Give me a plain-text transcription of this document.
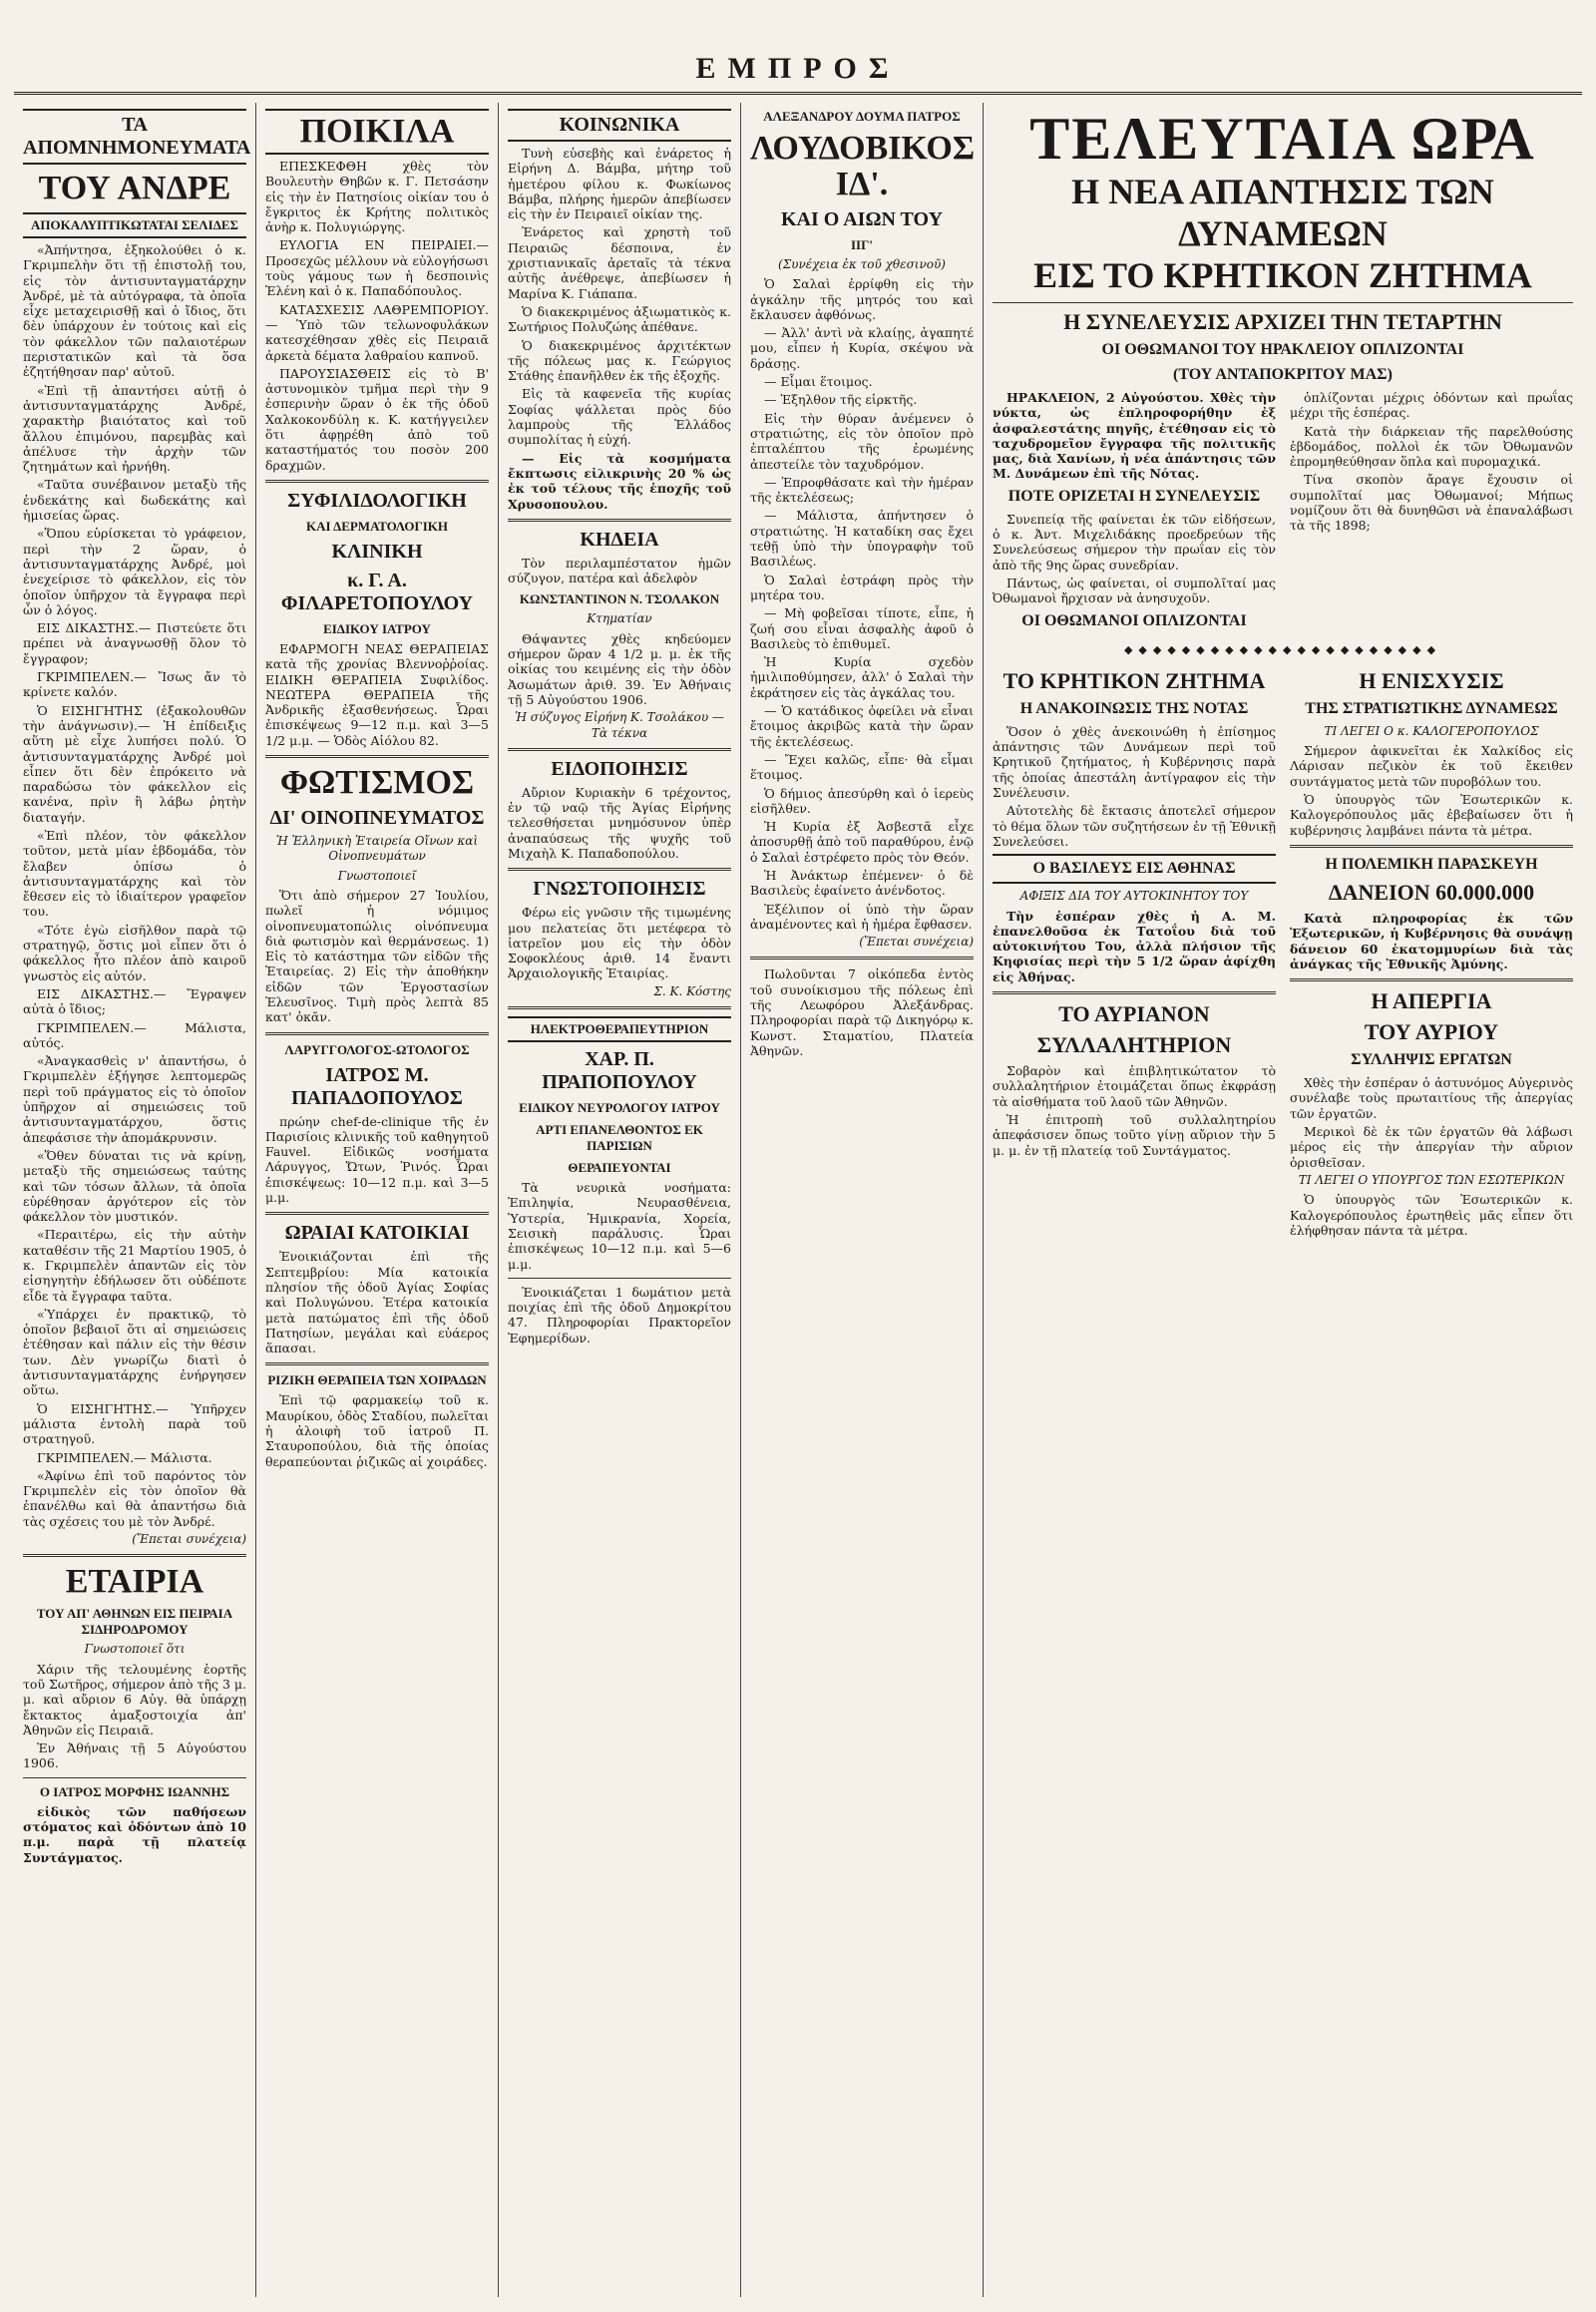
ΕΜΠΡΟΣ
ΤΑ ΑΠΟΜΝΗΜΟΝΕΥΜΑΤΑ
ΤΟΥ ΑΝΔΡΕ
ΑΠΟΚΑΛΥΠΤΙΚΩΤΑΤΑΙ ΣΕΛΙΔΕΣ

«Ἀπήντησα, ἐξηκολούθει ὁ κ. Γκριμπελὴν ὅτι τῇ ἐπιστολῇ του, εἰς τὸν ἀντισυνταγματάρχην Ἀνδρέ, μὲ τὰ αὐτόγραφα, τὰ ὁποῖα εἶχε μεταχειρισθῇ καὶ ὁ ἴδιος, ὅτι δὲν ὑπάρχουν ἐν τούτοις καὶ εἰς τὸν φάκελλον τῶν παλαιοτέρων περιστατικῶν καὶ τὰ ὅσα ἐζητήθησαν παρ' αὐτοῦ.

«Ἐπὶ τῇ ἀπαντήσει αὐτῇ ὁ ἀντισυνταγματάρχης Ἀνδρέ, χαρακτὴρ βιαιότατος καὶ τοῦ ἄλλου ἐπιμόνου, παρεμβὰς καὶ ἀπέλυσε τὴν ἀρχὴν τῶν ζητημάτων καὶ ἠρνήθη.

«Ταῦτα συνέβαινον μεταξὺ τῆς ἐνδεκάτης καὶ δωδεκάτης καὶ ἡμισείας ὥρας.

«Ὅπου εὑρίσκεται τὸ γράφειον, περὶ τὴν 2 ὥραν, ὁ ἀντισυνταγματάρχης Ἀνδρέ, μοὶ ἐνεχείρισε τὸ φάκελλον, εἰς τὸν ὁποῖον ὑπῆρχον τὰ ἔγγραφα περὶ ὧν ὁ λόγος.

ΕΙΣ ΔΙΚΑΣΤΗΣ.— Πιστεύετε ὅτι πρέπει νὰ ἀναγνωσθῇ ὅλον τὸ ἔγγραφον;

ΓΚΡΙΜΠΕΛΕΝ.— Ἴσως ἄν τὸ κρίνετε καλόν.

Ὁ ΕΙΣΗΓΗΤΗΣ (ἐξακολουθῶν τὴν ἀνάγνωσιν).— Ἡ ἐπίδειξις αὕτη μὲ εἶχε λυπήσει πολύ. Ὁ ἀντισυνταγματάρχης Ἀνδρέ μοὶ εἶπεν ὅτι δὲν ἐπρόκειτο νὰ παραδώσω τὸν φάκελλον εἰς κανένα, πρὶν ἢ λάβω ῥητὴν διαταγήν.

«Ἐπὶ πλέον, τὸν φάκελλον τοῦτον, μετὰ μίαν ἑβδομάδα, τὸν ἔλαβεν ὀπίσω ὁ ἀντισυνταγματάρχης καὶ τὸν ἔθεσεν εἰς τὸ ἰδιαίτερον γραφεῖον του.

«Τότε ἐγὼ εἰσῆλθον παρὰ τῷ στρατηγῷ, ὅστις μοὶ εἶπεν ὅτι ὁ φάκελλος ἦτο πλέον ἀπὸ καιροῦ γνωστὸς εἰς αὐτόν.

ΕΙΣ ΔΙΚΑΣΤΗΣ.— Ἔγραψεν αὐτὰ ὁ ἴδιος;

ΓΚΡΙΜΠΕΛΕΝ.— Μάλιστα, αὐτός.

«Ἀναγκασθεὶς ν' ἀπαντήσω, ὁ Γκριμπελὲν ἐξήγησε λεπτομερῶς περὶ τοῦ πράγματος εἰς τὸ ὁποῖον ὑπῆρχον αἱ σημειώσεις τοῦ ἀντισυνταγματάρχου, ὅστις ἀπεφάσισε τὴν ἀπομάκρυνσιν.

«Ὅθεν δύναται τις νὰ κρίνῃ, μεταξὺ τῆς σημειώσεως ταύτης καὶ τῶν τόσων ἄλλων, τὰ ὁποῖα εὑρέθησαν ἀργότερον εἰς τὸν φάκελλον τὸν μυστικόν.

«Περαιτέρω, εἰς τὴν αὐτὴν καταθέσιν τῆς 21 Μαρτίου 1905, ὁ κ. Γκριμπελὲν ἀπαντῶν εἰς τὸν εἰσηγητὴν ἐδήλωσεν ὅτι οὐδέποτε εἶδε τὰ ἔγγραφα ταῦτα.

«Ὑπάρχει ἐν πρακτικῷ, τὸ ὁποῖον βεβαιοῖ ὅτι αἱ σημειώσεις ἐτέθησαν καὶ πάλιν εἰς τὴν θέσιν των. Δὲν γνωρίζω διατὶ ὁ ἀντισυνταγματάρχης ἐνήργησεν οὕτω.

Ὁ ΕΙΣΗΓΗΤΗΣ.— Ὑπῆρχεν μάλιστα ἐντολὴ παρὰ τοῦ στρατηγοῦ.

ΓΚΡΙΜΠΕΛΕΝ.— Μάλιστα.

«Ἀφίνω ἐπὶ τοῦ παρόντος τὸν Γκριμπελὲν εἰς τὸν ὁποῖον θὰ ἐπανέλθω καὶ θὰ ἀπαντήσω διὰ τὰς σχέσεις του μὲ τὸν Ἀνδρέ.

(Ἔπεται συνέχεια)
ΕΤΑΙΡΙΑ
ΤΟΥ ΑΠ' ΑΘΗΝΩΝ ΕΙΣ ΠΕΙΡΑΙΑ ΣΙΔΗΡΟΔΡΟΜΟΥ
Γνωστοποιεῖ ὅτι

Χάριν τῆς τελουμένης ἑορτῆς τοῦ Σωτῆρος, σήμερον ἀπὸ τῆς 3 μ. μ. καὶ αὔριον 6 Αὐγ. θὰ ὑπάρχῃ ἔκτακτος ἀμαξοστοιχία ἀπ' Ἀθηνῶν εἰς Πειραιᾶ.

Ἐν Ἀθήναις τῇ 5 Αὐγούστου 1906.

Ο ΙΑΤΡΟΣ ΜΟΡΦΗΣ ΙΩΑΝΝΗΣ

εἰδικὸς τῶν παθήσεων στόματος καὶ ὀδόντων ἀπὸ 10 π.μ. παρὰ τῇ πλατείᾳ Συντάγματος.

ΠΟΙΚΙΛΑ

ΕΠΕΣΚΕΦΘΗ χθὲς τὸν Βουλευτὴν Θηβῶν κ. Γ. Πετσάσην εἰς τὴν ἐν Πατησίοις οἰκίαν του ὁ ἔγκριτος ἐκ Κρήτης πολιτικὸς ἀνὴρ κ. Πολυγιώργης.

ΕΥΛΟΓΙΑ ΕΝ ΠΕΙΡΑΙΕΙ.— Προσεχῶς μέλλουν νὰ εὐλογήσωσι τοὺς γάμους των ἡ δεσποινὶς Ἑλένη καὶ ὁ κ. Παπαδόπουλος.

ΚΑΤΑΣΧΕΣΙΣ ΛΑΘΡΕΜΠΟΡΙΟΥ.— Ὑπὸ τῶν τελωνοφυλάκων κατεσχέθησαν χθὲς εἰς Πειραιᾶ ἀρκετὰ δέματα λαθραίου καπνοῦ.

ΠΑΡΟΥΣΙΑΣΘΕΙΣ εἰς τὸ Β' ἀστυνομικὸν τμῆμα περὶ τὴν 9 ἑσπερινὴν ὥραν ὁ ἐκ τῆς ὁδοῦ Χαλκοκονδύλη κ. Κ. κατήγγειλεν ὅτι ἀφῃρέθη ἀπὸ τοῦ καταστήματός του ποσὸν 200 δραχμῶν.

ΣΥΦΙΛΙΔΟΛΟΓΙΚΗ
ΚΑΙ ΔΕΡΜΑΤΟΛΟΓΙΚΗ
ΚΛΙΝΙΚΗ
κ. Γ. Α. ΦΙΛΑΡΕΤΟΠΟΥΛΟΥ
ΕΙΔΙΚΟΥ ΙΑΤΡΟΥ

ΕΦΑΡΜΟΓΗ ΝΕΑΣ ΘΕΡΑΠΕΙΑΣ κατὰ τῆς χρονίας Βλεννοῤῥοίας. ΕΙΔΙΚΗ ΘΕΡΑΠΕΙΑ Συφιλίδος. ΝΕΩΤΕΡΑ ΘΕΡΑΠΕΙΑ τῆς Ἀνδρικῆς ἐξασθενήσεως. Ὧραι ἐπισκέψεως 9—12 π.μ. καὶ 3—5 1/2 μ.μ. — Ὁδὸς Αἰόλου 82.

ΦΩΤΙΣΜΟΣ
ΔΙ' ΟΙΝΟΠΝΕΥΜΑΤΟΣ
Ἡ Ἑλληνικὴ Ἑταιρεία Οἴνων καὶ Οἰνοπνευμάτων
Γνωστοποιεῖ

Ὅτι ἀπὸ σήμερον 27 Ἰουλίου, πωλεῖ ἡ νόμιμος οἰνοπνευματοπώλις οἰνόπνευμα διὰ φωτισμὸν καὶ θερμάνσεως. 1) Εἰς τὸ κατάστημα τῶν εἰδῶν τῆς Ἑταιρείας. 2) Εἰς τὴν ἀποθήκην εἰδῶν τῶν Ἐργοστασίων Ἐλευσῖνος. Τιμὴ πρὸς λεπτὰ 85 κατ' ὀκᾶν.

ΛΑΡΥΓΓΟΛΟΓΟΣ-ΩΤΟΛΟΓΟΣ
ΙΑΤΡΟΣ Μ. ΠΑΠΑΔΟΠΟΥΛΟΣ

πρώην chef-de-clinique τῆς ἐν Παρισίοις κλινικῆς τοῦ καθηγητοῦ Fauvel. Εἰδικῶς νοσήματα Λάρυγγος, Ὤτων, Ῥινός. Ὧραι ἐπισκέψεως: 10—12 π.μ. καὶ 3—5 μ.μ.

ΩΡΑΙΑΙ ΚΑΤΟΙΚΙΑΙ

Ἐνοικιάζονται ἐπὶ τῆς Σεπτεμβρίου: Μία κατοικία πλησίον τῆς ὁδοῦ Ἀγίας Σοφίας καὶ Πολυγώνου. Ἑτέρα κατοικία μετὰ πατώματος ἐπὶ τῆς ὁδοῦ Πατησίων, μεγάλαι καὶ εὐάερος ἅπασαι.

ΡΙΖΙΚΗ ΘΕΡΑΠΕΙΑ ΤΩΝ ΧΟΙΡΑΔΩΝ

Ἐπὶ τῷ φαρμακείῳ τοῦ κ. Μαυρίκου, ὁδὸς Σταδίου, πωλεῖται ἡ ἀλοιφὴ τοῦ ἰατροῦ Π. Σταυροπούλου, διὰ τῆς ὁποίας θεραπεύονται ῥιζικῶς αἱ χοιράδες.

ΚΟΙΝΩΝΙΚΑ

Τυνὴ εὐσεβὴς καὶ ἐνάρετος ἡ Εἰρήνη Δ. Βάμβα, μήτηρ τοῦ ἡμετέρου φίλου κ. Φωκίωνος Βάμβα, πλήρης ἡμερῶν ἀπεβίωσεν εἰς τὴν ἐν Πειραιεῖ οἰκίαν της.

Ἐνάρετος καὶ χρηστὴ τοῦ Πειραιῶς δέσποινα, ἐν χριστιανικαῖς ἀρεταῖς τὰ τέκνα αὐτῆς ἀνέθρεψε, ἀπεβίωσεν ἡ Μαρίνα Κ. Γιάπαπα.

Ὁ διακεκριμένος ἀξιωματικὸς κ. Σωτήριος Πολυζώης ἀπέθανε.

Ὁ διακεκριμένος ἀρχιτέκτων τῆς πόλεως μας κ. Γεώργιος Στάθης ἐπανῆλθεν ἐκ τῆς ἐξοχῆς.

Εἰς τὰ καφενεῖα τῆς κυρίας Σοφίας ψάλλεται πρὸς δύο λαμπροὺς τῆς Ἑλλάδος συμπολίτας ἡ εὐχή.

— Εἰς τὰ κοσμήματα ἔκπτωσις εἰλικρινὴς 20 % ὡς ἐκ τοῦ τέλους τῆς ἐποχῆς τοῦ Χρυσοπουλου.

ΚΗΔΕΙΑ

Τὸν περιλαμπέστατον ἡμῶν σύζυγον, πατέρα καὶ ἀδελφὸν

ΚΩΝΣΤΑΝΤΙΝΟΝ Ν. ΤΣΟΛΑΚΟΝ
Κτηματίαν

Θάψαντες χθὲς κηδεύομεν σήμερον ὥραν 4 1/2 μ. μ. ἐκ τῆς οἰκίας του κειμένης εἰς τὴν ὁδὸν Ἀσωμάτων ἀριθ. 39. Ἐν Ἀθήναις τῇ 5 Αὐγούστου 1906.

Ἡ σύζυγος Εἰρήνη Κ. Τσολάκου — Τὰ τέκνα
ΕΙΔΟΠΟΙΗΣΙΣ

Αὔριον Κυριακὴν 6 τρέχοντος, ἐν τῷ ναῷ τῆς Ἁγίας Εἰρήνης τελεσθήσεται μνημόσυνον ὑπὲρ ἀναπαύσεως τῆς ψυχῆς τοῦ Μιχαὴλ Κ. Παπαδοπούλου.

ΓΝΩΣΤΟΠΟΙΗΣΙΣ

Φέρω εἰς γνῶσιν τῆς τιμωμένης μου πελατείας ὅτι μετέφερα τὸ ἰατρεῖον μου εἰς τὴν ὁδὸν Σοφοκλέους ἀριθ. 14 ἔναντι Ἀρχαιολογικῆς Ἑταιρίας.

Σ. Κ. Κόστης
ΗΛΕΚΤΡΟΘΕΡΑΠΕΥΤΗΡΙΟΝ
ΧΑΡ. Π. ΠΡΑΠΟΠΟΥΛΟΥ
ΕΙΔΙΚΟΥ ΝΕΥΡΟΛΟΓΟΥ ΙΑΤΡΟΥ
ΑΡΤΙ ΕΠΑΝΕΛΘΟΝΤΟΣ ΕΚ ΠΑΡΙΣΙΩΝ
ΘΕΡΑΠΕΥΟΝΤΑΙ

Τὰ νευρικὰ νοσήματα: Ἐπιληψία, Νευρασθένεια, Ὑστερία, Ἡμικρανία, Χορεία, Σεισικὴ παράλυσις. Ὧραι ἐπισκέψεως 10—12 π.μ. καὶ 5—6 μ.μ.

Ἐνοικιάζεται 1 δωμάτιον μετὰ ποιχίας ἐπὶ τῆς ὁδοῦ Δημοκρίτου 47. Πληροφορίαι Πρακτορεῖον Ἐφημερίδων.

ΑΛΕΞΑΝΔΡΟΥ ΔΟΥΜΑ ΠΑΤΡΟΣ
ΛΟΥΔΟΒΙΚΟΣ ΙΔ'.
ΚΑΙ Ο ΑΙΩΝ ΤΟΥ
ΙΙΓ'
(Συνέχεια ἐκ τοῦ χθεσινοῦ)

Ὁ Σαλαὶ ἐρρίφθη εἰς τὴν ἀγκάλην τῆς μητρός του καὶ ἔκλαυσεν ἀφθόνως.

— Ἀλλ' ἀντὶ νὰ κλαίῃς, ἀγαπητέ μου, εἶπεν ἡ Κυρία, σκέψου νὰ δράσῃς.

— Εἶμαι ἕτοιμος.

— Ἐξηλθον τῆς εἱρκτῆς.

Εἰς τὴν θύραν ἀνέμενεν ὁ στρατιώτης, εἰς τὸν ὁποῖον πρὸ ἐπταλέπτου τῆς ἐρωμένης ἀπεστείλε τὸν ταχυδρόμον.

— Ἐπροφθάσατε καὶ τὴν ἡμέραν τῆς ἐκτελέσεως;

— Μάλιστα, ἀπήντησεν ὁ στρατιώτης. Ἡ καταδίκη σας ἔχει τεθῇ ὑπὸ τὴν ὑπογραφὴν τοῦ Βασιλέως.

Ὁ Σαλαὶ ἐστράφη πρὸς τὴν μητέρα του.

— Μὴ φοβεῖσαι τίποτε, εἶπε, ἡ ζωή σου εἶναι ἀσφαλὴς ἀφοῦ ὁ Βασιλεὺς τὸ ἐπιθυμεῖ.

Ἡ Κυρία σχεδὸν ἠμιλιποθύμησεν, ἀλλ' ὁ Σαλαὶ τὴν ἐκράτησεν εἰς τὰς ἀγκάλας του.

— Ὁ κατάδικος ὀφείλει νὰ εἶναι ἔτοιμος ἀκριβῶς κατὰ τὴν ὥραν τῆς ἐκτελέσεως.

— Ἔχει καλῶς, εἶπε· θὰ εἶμαι ἕτοιμος.

Ὁ δήμιος ἀπεσύρθη καὶ ὁ ἱερεὺς εἰσῆλθεν.

Ἡ Κυρία ἐξ Ἀσβεστᾶ εἶχε ἀποσυρθῇ ἀπὸ τοῦ παραθύρου, ἐνῷ ὁ Σαλαὶ ἐστρέφετο πρὸς τὸν Θεόν.

Ἡ Ἀνάκτωρ ἐπέμενεν· ὁ δὲ Βασιλεὺς ἐφαίνετο ἀνένδοτος.

Ἐξέλιπον οἱ ὑπὸ τὴν ὥραν ἀναμένοντες καὶ ἡ ἡμέρα ἔφθασεν.

(Ἔπεται συνέχεια)

Πωλοῦνται 7 οἰκόπεδα ἐντὸς τοῦ συνοίκισμου τῆς πόλεως ἐπὶ τῆς Λεωφόρου Ἀλεξάνδρας. Πληροφορίαι παρὰ τῷ Δικηγόρῳ κ. Κωνστ. Σταματίου, Πλατεία Ἀθηνῶν.

ΤΕΛΕΥΤΑΙΑ ΩΡΑ
Η ΝΕΑ ΑΠΑΝΤΗΣΙΣ ΤΩΝ ΔΥΝΑΜΕΩΝ
ΕΙΣ ΤΟ ΚΡΗΤΙΚΟΝ ΖΗΤΗΜΑ
Η ΣΥΝΕΛΕΥΣΙΣ ΑΡΧΙΖΕΙ ΤΗΝ ΤΕΤΑΡΤΗΝ
ΟΙ ΟΘΩΜΑΝΟΙ ΤΟΥ ΗΡΑΚΛΕΙΟΥ ΟΠΛΙΖΟΝΤΑΙ
(ΤΟΥ ΑΝΤΑΠΟΚΡΙΤΟΥ ΜΑΣ)

ΗΡΑΚΛΕΙΟΝ, 2 Αὐγούστου. Χθὲς τὴν νύκτα, ὡς ἐπληροφορήθην ἐξ ἀσφαλεστάτης πηγῆς, ἐτέθησαν εἰς τὸ ταχυδρομεῖον ἔγγραφα τῆς πολιτικῆς μας, διὰ Χανίων, ἡ νέα ἀπάντησις τῶν Μ. Δυνάμεων ἐπὶ τῆς Νότας.

ΠΟΤΕ ΟΡΙΖΕΤΑΙ Η ΣΥΝΕΛΕΥΣΙΣ

Συνεπείᾳ τῆς φαίνεται ἐκ τῶν εἰδήσεων, ὁ κ. Ἀντ. Μιχελιδάκης προεδρεύων τῆς Συνελεύσεως σήμερον τὴν πρωΐαν εἰς τὸν ἀπὸ τῆς 9ης ὥρας συνεδρίαν.

Πάντως, ὡς φαίνεται, οἱ συμπολῖταί μας Ὀθωμανοὶ ἤρχισαν νὰ ἀνησυχοῦν.

ΟΙ ΟΘΩΜΑΝΟΙ ΟΠΛΙΖΟΝΤΑΙ

ὁπλίζονται μέχρις ὀδόντων καὶ πρωΐας μέχρι τῆς ἑσπέρας.

Κατὰ τὴν διάρκειαν τῆς παρελθούσης ἑβδομάδος, πολλοὶ ἐκ τῶν Ὀθωμανῶν ἐπρομηθεύθησαν ὅπλα καὶ πυρομαχικά.

Τίνα σκοπὸν ἄραγε ἔχουσιν οἱ συμπολῖταί μας Ὀθωμανοί; Μήπως νομίζουν ὅτι θὰ δυνηθῶσι νὰ ἐπαναλάβωσι τὰ τῆς 1898;

◆◆◆◆◆◆◆◆◆◆◆◆◆◆◆◆◆◆◆◆◆◆
ΤΟ ΚΡΗΤΙΚΟΝ ΖΗΤΗΜΑ
Η ΑΝΑΚΟΙΝΩΣΙΣ ΤΗΣ ΝΟΤΑΣ

Ὅσον ὁ χθὲς ἀνεκοινώθη ἡ ἐπίσημος ἀπάντησις τῶν Δυνάμεων περὶ τοῦ Κρητικοῦ ζητήματος, ἡ Κυβέρνησις παρὰ τῆς ὁποίας ἀπεστάλη ἀντίγραφον εἰς τὴν Συνέλευσιν.

Αὐτοτελὴς δὲ ἔκτασις ἀποτελεῖ σήμερον τὸ θέμα ὅλων τῶν συζητήσεων ἐν τῇ Ἐθνικῇ Συνελεύσει.

Ο ΒΑΣΙΛΕΥΣ ΕΙΣ ΑΘΗΝΑΣ
ΑΦΙΞΙΣ ΔΙΑ ΤΟΥ ΑΥΤΟΚΙΝΗΤΟΥ ΤΟΥ

Τὴν ἑσπέραν χθὲς ἡ Α. Μ. ἐπανελθοῦσα ἐκ Τατοΐου διὰ τοῦ αὐτοκινήτου Του, ἀλλὰ πλήσιον τῆς Κηφισίας περὶ τὴν 5 1/2 ὥραν ἀφίχθη εἰς Ἀθήνας.

ΤΟ ΑΥΡΙΑΝΟΝ
ΣΥΛΛΑΛΗΤΗΡΙΟΝ

Σοβαρὸν καὶ ἐπιβλητικώτατον τὸ συλλαλητήριον ἑτοιμάζεται ὅπως ἐκφράσῃ τὰ αἰσθήματα τοῦ λαοῦ τῶν Ἀθηνῶν.

Ἡ ἐπιτροπὴ τοῦ συλλαλητηρίου ἀπεφάσισεν ὅπως τοῦτο γίνῃ αὔριον τὴν 5 μ. μ. ἐν τῇ πλατείᾳ τοῦ Συντάγματος.

Η ΕΝΙΣΧΥΣΙΣ
ΤΗΣ ΣΤΡΑΤΙΩΤΙΚΗΣ ΔΥΝΑΜΕΩΣ
ΤΙ ΛΕΓΕΙ Ο κ. ΚΑΛΟΓΕΡΟΠΟΥΛΟΣ

Σήμερον ἀφικνεῖται ἐκ Χαλκίδος εἰς Λάρισαν πεζικὸν ἐκ τοῦ ἔκειθεν συντάγματος μετὰ τῶν πυροβόλων του.

Ὁ ὑπουργὸς τῶν Ἐσωτερικῶν κ. Καλογερόπουλος μᾶς ἐβεβαίωσεν ὅτι ἡ κυβέρνησις λαμβάνει πάντα τὰ μέτρα.

Η ΠΟΛΕΜΙΚΗ ΠΑΡΑΣΚΕΥΗ
ΔΑΝΕΙΟΝ 60.000.000

Κατὰ πληροφορίας ἐκ τῶν Ἐξωτερικῶν, ἡ Κυβέρνησις θὰ συνάψῃ δάνειον 60 ἑκατομμυρίων διὰ τὰς ἀνάγκας τῆς Ἐθνικῆς Ἀμύνης.

Η ΑΠΕΡΓΙΑ
ΤΟΥ ΑΥΡΙΟΥ
ΣΥΛΛΗΨΙΣ ΕΡΓΑΤΩΝ

Χθὲς τὴν ἑσπέραν ὁ ἀστυνόμος Αὐγερινὸς συνέλαβε τοὺς πρωταιτίους τῆς ἀπεργίας τῶν ἐργατῶν.

Μερικοὶ δὲ ἐκ τῶν ἐργατῶν θὰ λάβωσι μέρος εἰς τὴν ἀπεργίαν τὴν αὔριον ὁρισθεῖσαν.

ΤΙ ΛΕΓΕΙ Ο ΥΠΟΥΡΓΟΣ ΤΩΝ ΕΣΩΤΕΡΙΚΩΝ

Ὁ ὑπουργὸς τῶν Ἐσωτερικῶν κ. Καλογερόπουλος ἐρωτηθεὶς μᾶς εἶπεν ὅτι ἐλήφθησαν πάντα τὰ μέτρα.
